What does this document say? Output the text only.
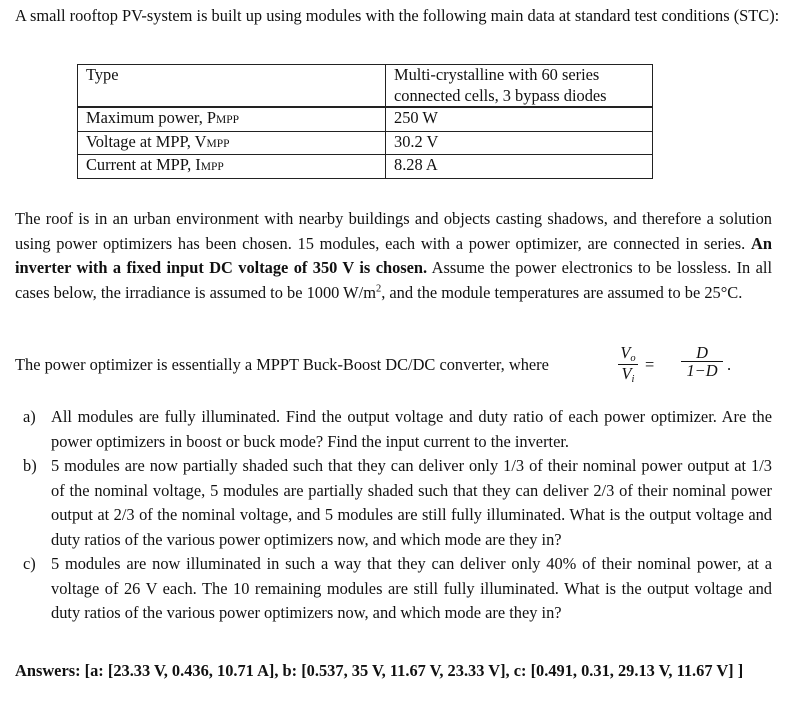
A small rooftop PV-system is built up using modules with the following main data at standard test conditions (STC):

Type	Multi-crystalline with 60 series
connected cells, 3 bypass diodes

Maximum power, PMPP	250 W
Voltage at MPP, VMPP	30.2 V
Current at MPP, IMPP	8.28 A

The roof is in an urban environment with nearby buildings and objects casting shadows, and therefore a solution using power optimizers has been chosen. 15 modules, each with a power optimizer, are connected in series. An inverter with a fixed input DC voltage of 350 V is chosen. Assume the power electronics to be lossless. In all cases below, the irradiance is assumed to be 1000 $W/m^2$, and the module temperatures are assumed to be 25°C.

The power optimizer is essentially a MPPT Buck-Boost DC/DC converter, where	$\frac{Vo}{Vi} = \frac{D}{1-D}$ .
a) All modules are fully illuminated. Find the output voltage and duty ratio of each power optimizer. Are the power optimizers in boost or buck mode? Find the input current to the inverter.
b) 5 modules are now partially shaded such that they can deliver only 1/3 of their nominal power output at 1/3 of the nominal voltage, 5 modules are partially shaded such that they can deliver 2/3 of their nominal power output at 2/3 of the nominal voltage, and 5 modules are still fully illuminated. What is the output voltage and duty ratios of the various power optimizers now, and which mode are they in?
c) 5 modules are now illuminated in such a way that they can deliver only 40% of their nominal power, at a voltage of 26 V each. The 10 remaining modules are still fully illuminated. What is the output voltage and duty ratios of the various power optimizers now, and which mode are they in?

Answers: [a: [23.33 V, 0.436, 10.71 A], b: [0.537, 35 V, 11.67 V, 23.33 V], c: [0.491, 0.31, 29.13 V, 11.67 V] ]
